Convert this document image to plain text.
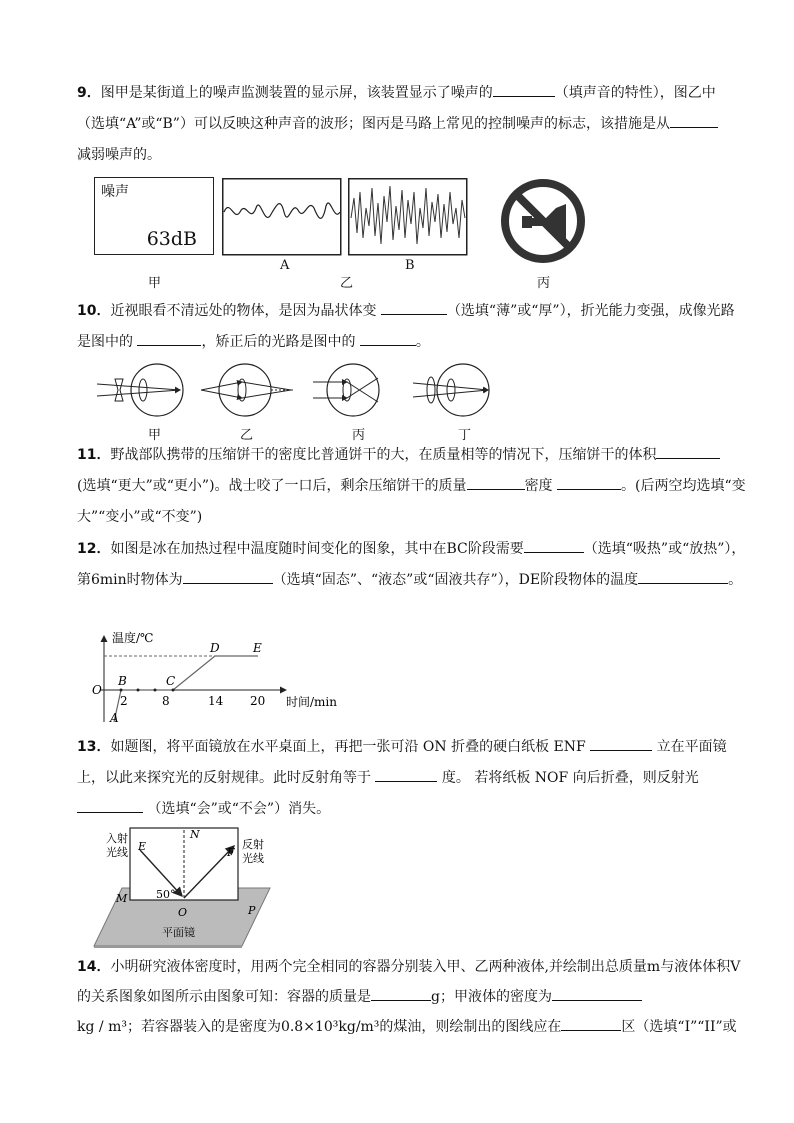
9．图甲是某街道上的噪声监测装置的显示屏，该装置显示了噪声的	（填声音的特性），图乙中
（选填“A”或“B”）可以反映这种声音的波形；图丙是马路上常见的控制噪声的标志，该措施是从
减弱噪声的。
噪声
63dB
甲
A
乙
B
丙
10．近视眼看不清远处的物体，是因为晶状体变	（选填“薄”或“厚”），折光能力变强，成像光路是图中的	，矫正后的光路是图中的	。
甲	乙	丙	丁
11．野战部队携带的压缩饼干的密度比普通饼干的大，在质量相等的情况下，压缩饼干的体积
(选填“更大”或“更小”)。战士咬了一口后，剩余压缩饼干的质量	密度	。(后两空均选填“变大”“变小”或“不变”)
12．如图是冰在加热过程中温度随时间变化的图象，其中在BC阶段需要	（选填“吸热”或“放热”），第6min时物体为	（选填“固态”、“液态”或“固液共存”），DE阶段物体的温度	。
温度/℃
时间/min
O
2	8	14 20
A
B	C
D	E
13．如题图，将平面镜放在水平桌面上，再把一张可沿 ON 折叠的硬白纸板 ENF	立在平面镜上，以此来探究光的反射规律。此时反射角等于	度。 若将纸板 NOF 向后折叠，则反射光  （选填“会”或“不会”）消失。
入射
光线
反射
光线
E
N
F
M
O	P
50°
平面镜
14．小明研究液体密度时，用两个完全相同的容器分别装入甲、乙两种液体,并绘制出总质量m与液体体积V的关系图象如图所示由图象可知：容器的质量是	g；甲液体的密度为
kg / m³；若容器装入的是密度为0.8×10³kg/m³的煤油，则绘制出的图线应在	区（选填“I”“II”或
